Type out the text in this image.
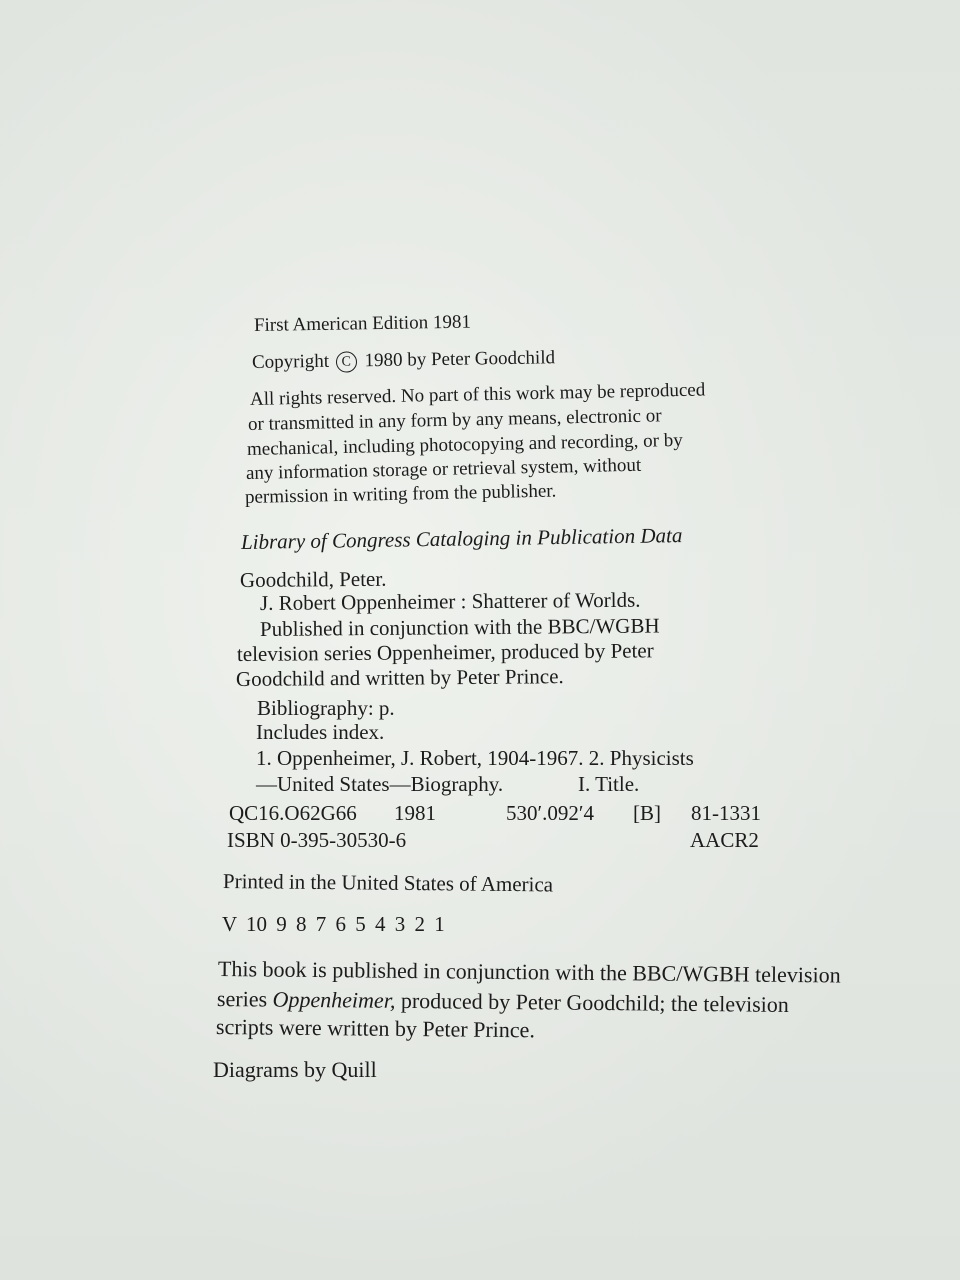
First American Edition 1981
Copyright C 1980 by Peter Goodchild
All rights reserved. No part of this work may be reproduced
or transmitted in any form by any means, electronic or
mechanical, including photocopying and recording, or by
any information storage or retrieval system, without
permission in writing from the publisher.
Library of Congress Cataloging in Publication Data
Goodchild, Peter.
J. Robert Oppenheimer : Shatterer of Worlds.
Published in conjunction with the BBC/WGBH
television series Oppenheimer, produced by Peter
Goodchild and written by Peter Prince.
Bibliography: p.
Includes index.
1. Oppenheimer, J. Robert, 1904-1967. 2. Physicists
—United States—Biography.	I. Title.
QC16.O62G66 1981	530′.092′4 [B] 81-1331
ISBN 0-395-30530-6	AACR2
Printed in the United States of America
V 10 9 8 7 6 5 4 3 2 1
This book is published in conjunction with the BBC/WGBH television
series Oppenheimer, produced by Peter Goodchild; the television
scripts were written by Peter Prince.
Diagrams by Quill
